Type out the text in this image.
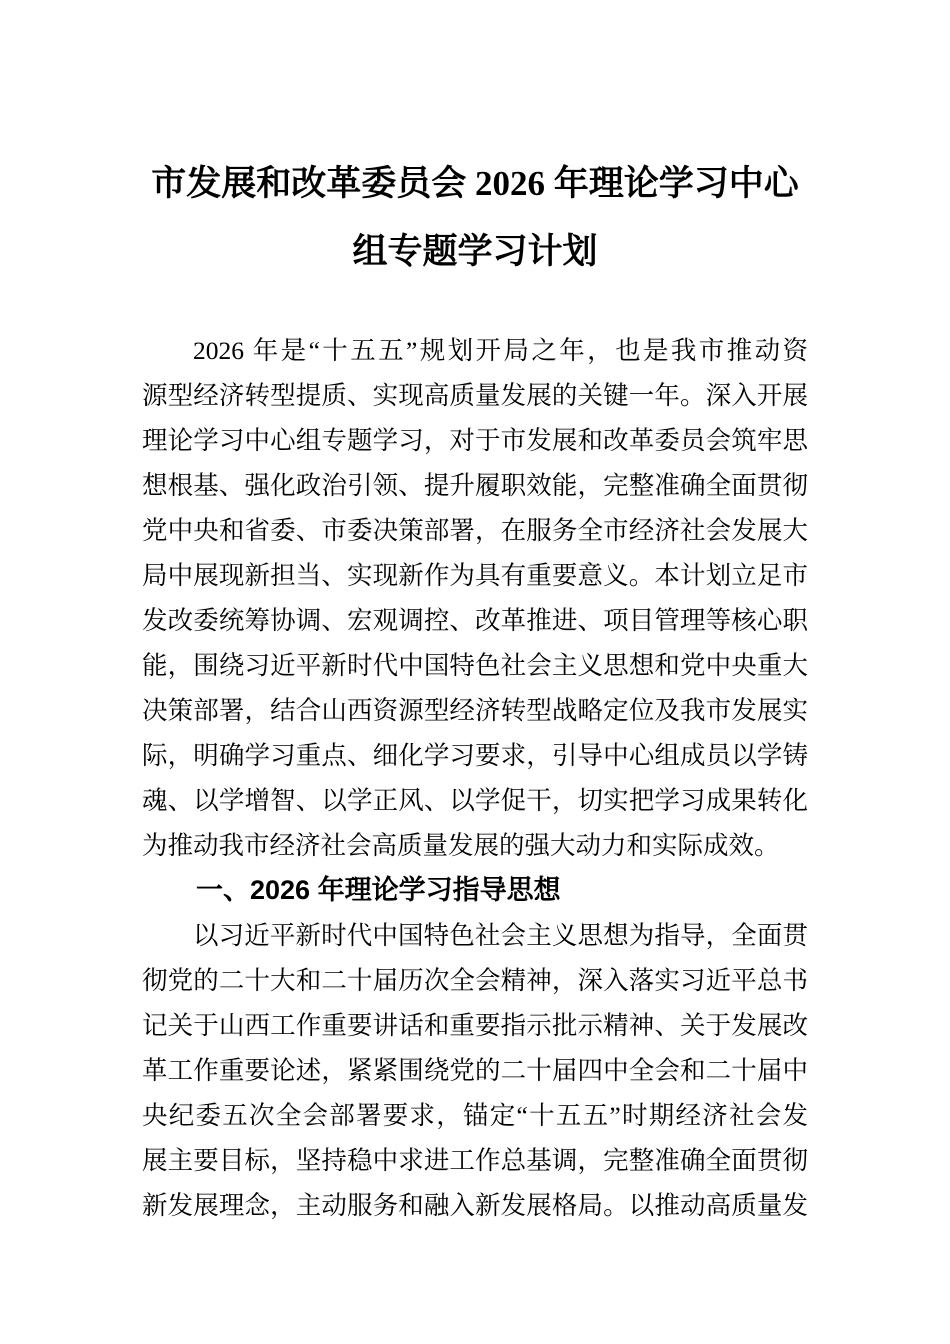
市发展和改革委员会 2026 年理论学习中心
组专题学习计划
2026 年是“十五五”规划开局之年，也是我市推动资
源型经济转型提质、实现高质量发展的关键一年。深入开展
理论学习中心组专题学习，对于市发展和改革委员会筑牢思
想根基、强化政治引领、提升履职效能，完整准确全面贯彻
党中央和省委、市委决策部署，在服务全市经济社会发展大
局中展现新担当、实现新作为具有重要意义。本计划立足市
发改委统筹协调、宏观调控、改革推进、项目管理等核心职
能，围绕习近平新时代中国特色社会主义思想和党中央重大
决策部署，结合山西资源型经济转型战略定位及我市发展实
际，明确学习重点、细化学习要求，引导中心组成员以学铸
魂、以学增智、以学正风、以学促干，切实把学习成果转化
为推动我市经济社会高质量发展的强大动力和实际成效。
一、2026 年理论学习指导思想
以习近平新时代中国特色社会主义思想为指导，全面贯
彻党的二十大和二十届历次全会精神，深入落实习近平总书
记关于山西工作重要讲话和重要指示批示精神、关于发展改
革工作重要论述，紧紧围绕党的二十届四中全会和二十届中
央纪委五次全会部署要求，锚定“十五五”时期经济社会发
展主要目标，坚持稳中求进工作总基调，完整准确全面贯彻
新发展理念，主动服务和融入新发展格局。以推动高质量发
